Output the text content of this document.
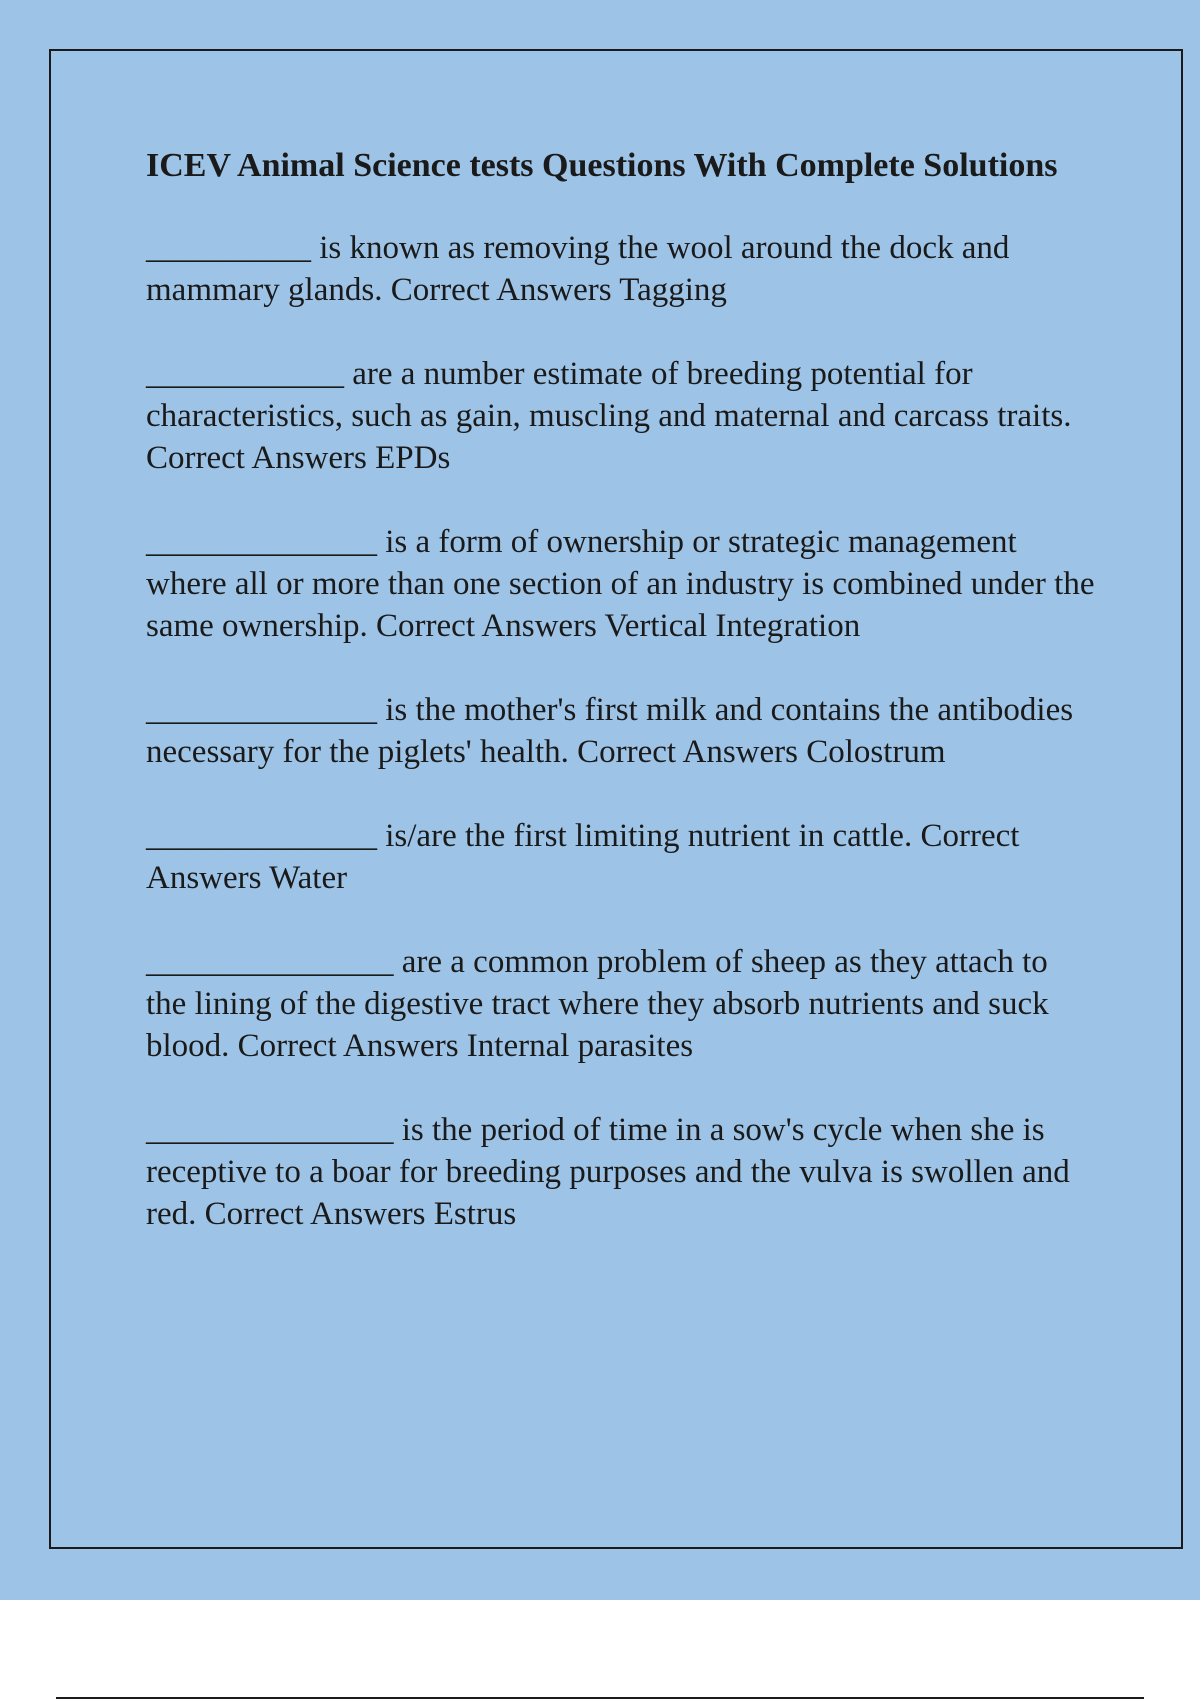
ICEV Animal Science tests Questions With Complete Solutions
__________ is known as removing the wool around the dock and mammary glands. Correct Answers Tagging
____________ are a number estimate of breeding potential for characteristics, such as gain, muscling and maternal and carcass traits. Correct Answers EPDs
______________ is a form of ownership or strategic management where all or more than one section of an industry is combined under the same ownership. Correct Answers Vertical Integration
______________ is the mother's first milk and contains the antibodies necessary for the piglets' health. Correct Answers Colostrum
______________ is/are the first limiting nutrient in cattle. Correct Answers Water
_______________ are a common problem of sheep as they attach to the lining of the digestive tract where they absorb nutrients and suck blood. Correct Answers Internal parasites
_______________ is the period of time in a sow's cycle when she is receptive to a boar for breeding purposes and the vulva is swollen and red. Correct Answers Estrus
